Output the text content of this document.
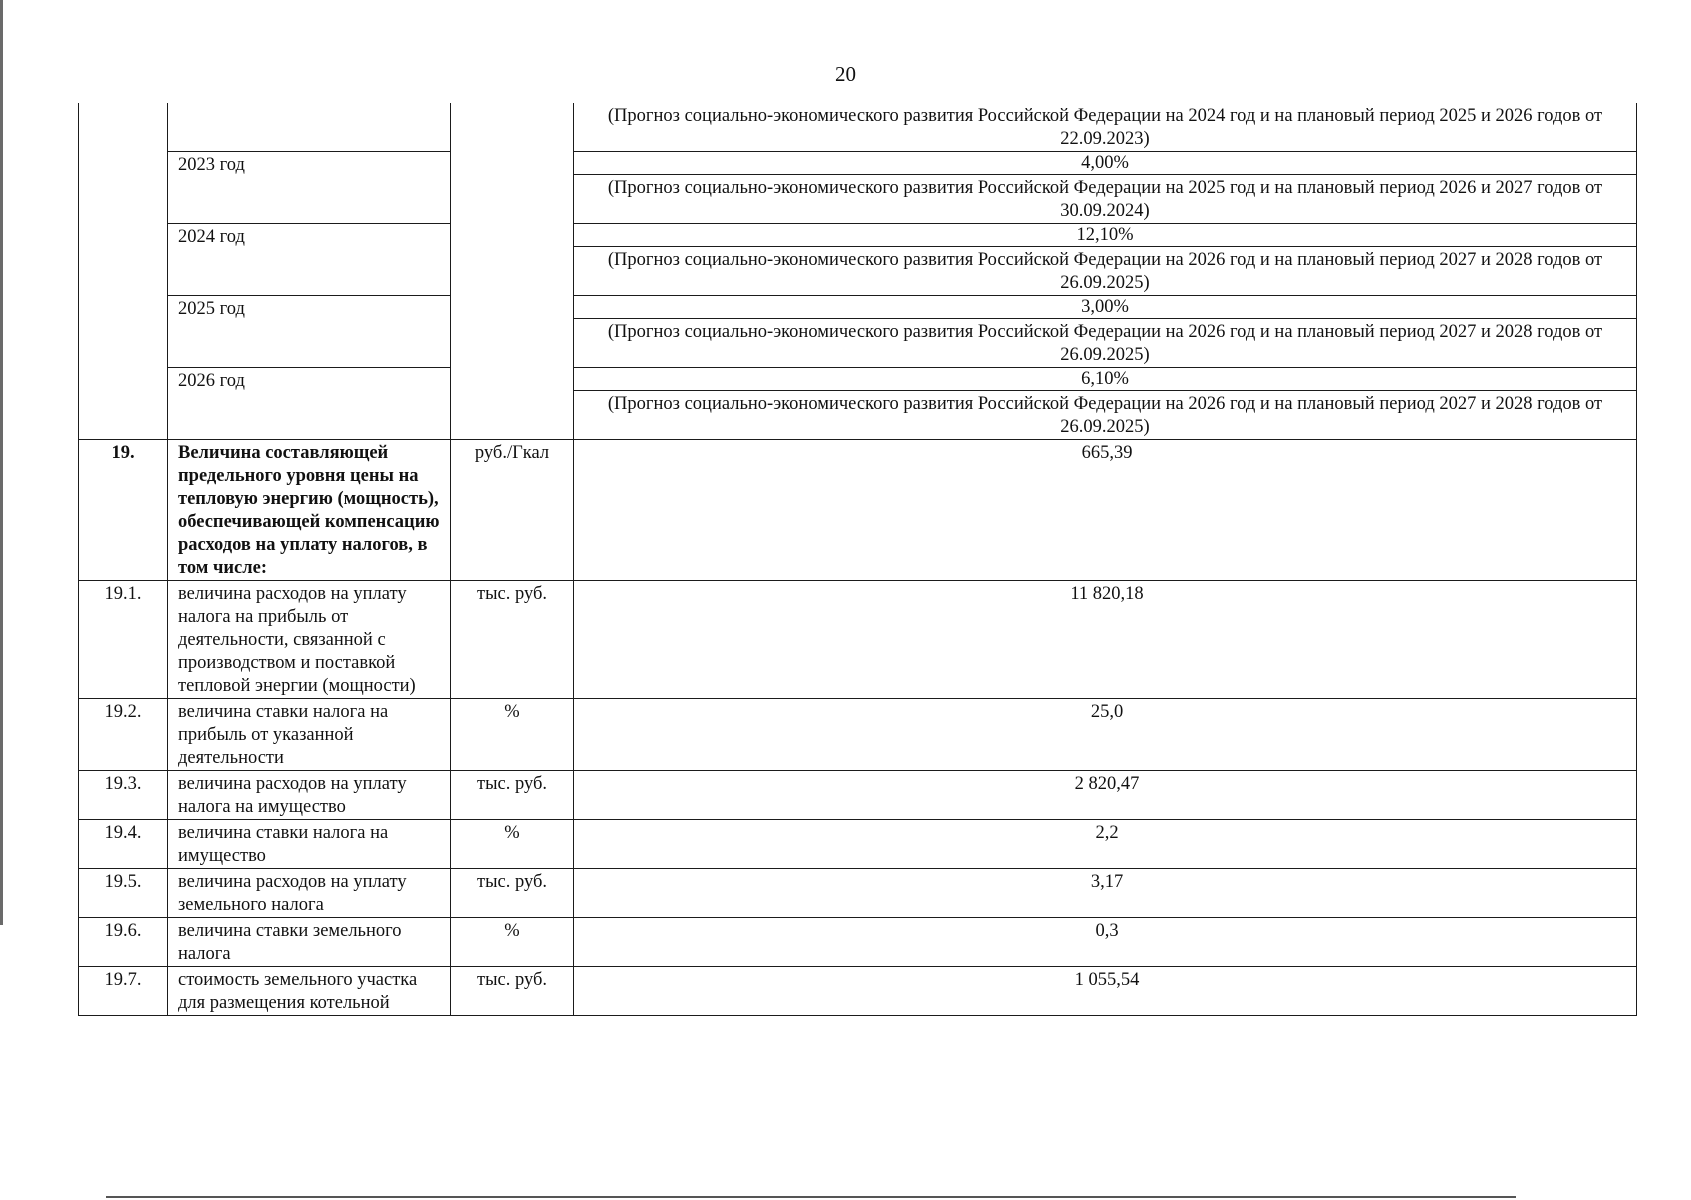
20
			(Прогноз социально-экономического развития Российской Федерации на 2024 год и на плановый период 2025 и 2026 годов от 22.09.2023)
	2023 год		4,00%
			(Прогноз социально-экономического развития Российской Федерации на 2025 год и на плановый период 2026 и 2027 годов от 30.09.2024)
	2024 год		12,10%
			(Прогноз социально-экономического развития Российской Федерации на 2026 год и на плановый период 2027 и 2028 годов от 26.09.2025)
	2025 год		3,00%
			(Прогноз социально-экономического развития Российской Федерации на 2026 год и на плановый период 2027 и 2028 годов от 26.09.2025)
	2026 год		6,10%
			(Прогноз социально-экономического развития Российской Федерации на 2026 год и на плановый период 2027 и 2028 годов от 26.09.2025)
19.	Величина составляющей предельного уровня цены на тепловую энергию (мощность), обеспечивающей компенсацию расходов на уплату налогов, в том числе:	руб./Гкал	665,39
19.1.	величина расходов на уплату налога на прибыль от деятельности, связанной с производством и поставкой тепловой энергии (мощности)	тыс. руб.	11 820,18
19.2.	величина ставки налога на прибыль от указанной деятельности	%	25,0
19.3.	величина расходов на уплату налога на имущество	тыс. руб.	2 820,47
19.4.	величина ставки налога на имущество	%	2,2
19.5.	величина расходов на уплату земельного налога	тыс. руб.	3,17
19.6.	величина ставки земельного налога	%	0,3
19.7.	стоимость земельного участка для размещения котельной	тыс. руб.	1 055,54
